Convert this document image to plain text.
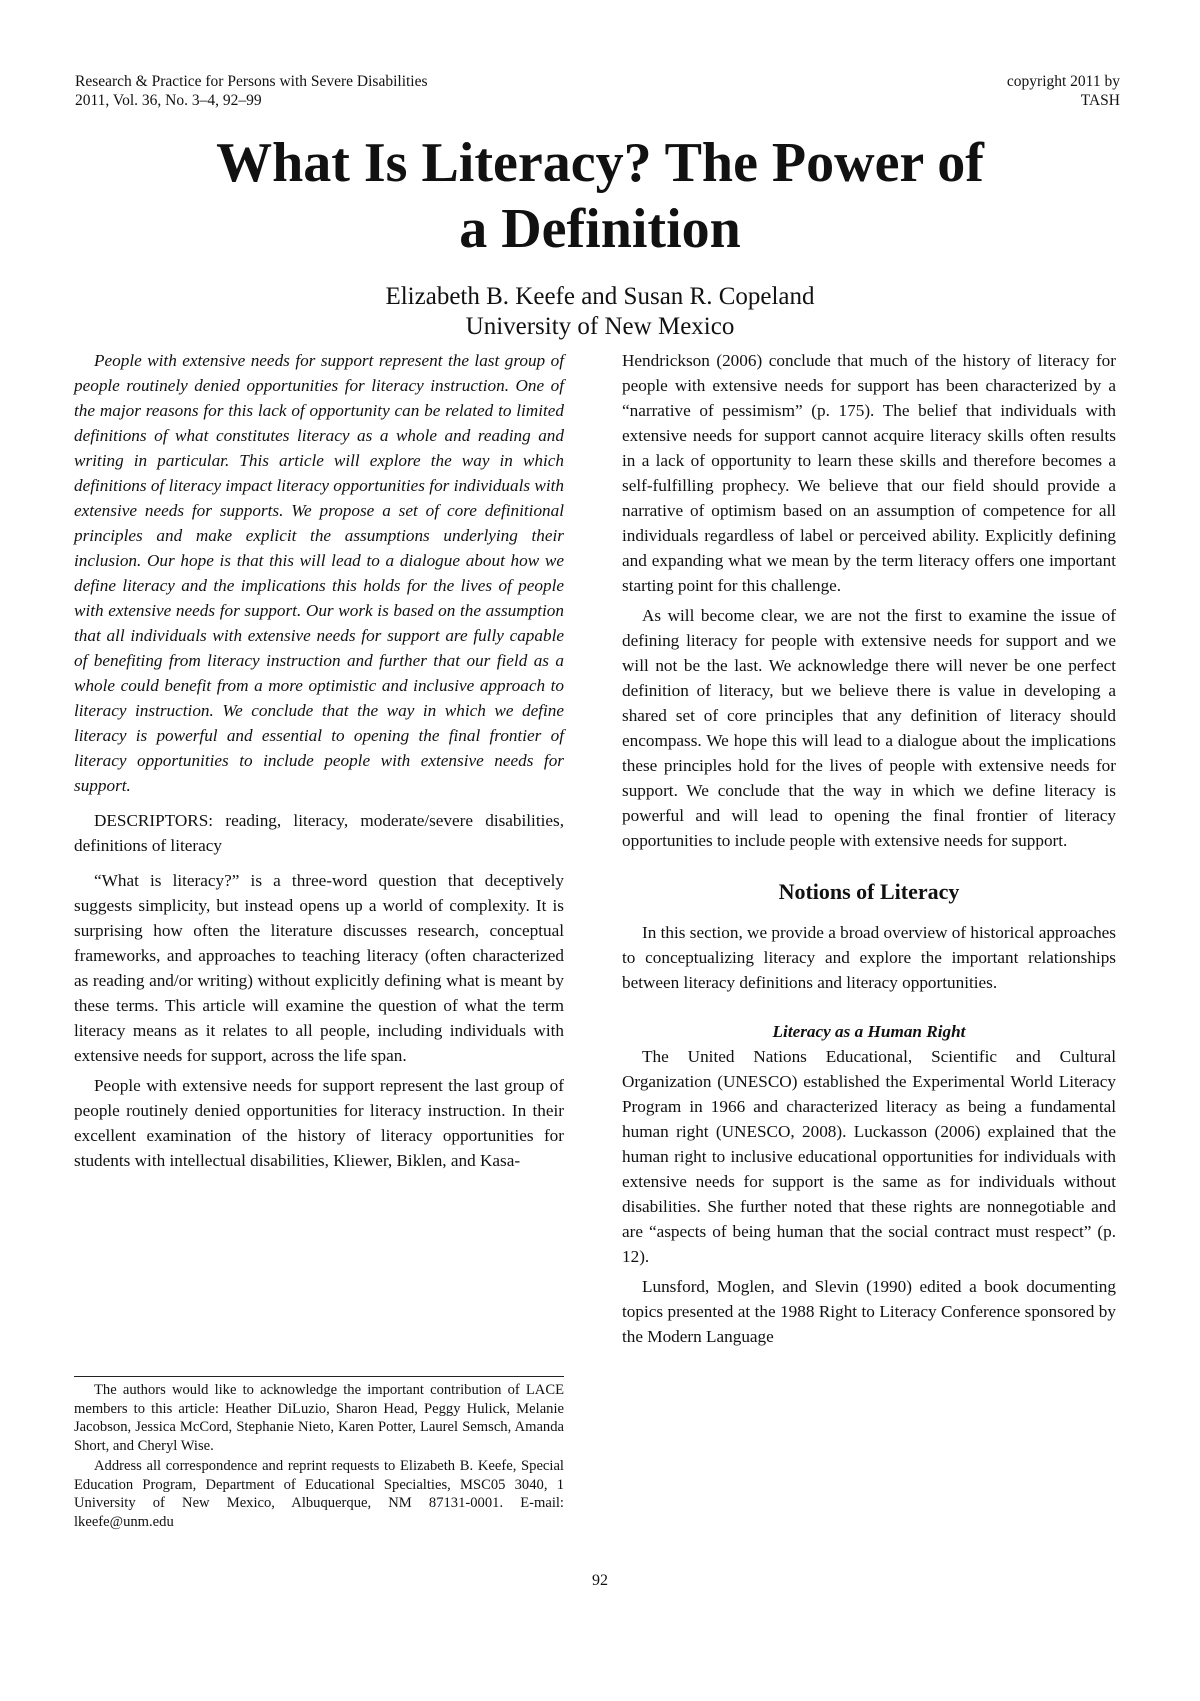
Research & Practice for Persons with Severe Disabilities
2011, Vol. 36, No. 3–4, 92–99
copyright 2011 by
TASH
What Is Literacy? The Power of
a Definition
Elizabeth B. Keefe and Susan R. Copeland
University of New Mexico

People with extensive needs for support represent the last group of people routinely denied opportunities for literacy instruction. One of the major reasons for this lack of opportunity can be related to limited definitions of what constitutes literacy as a whole and reading and writing in particular. This article will explore the way in which definitions of literacy impact literacy opportunities for individuals with extensive needs for supports. We propose a set of core definitional principles and make explicit the assumptions underlying their inclusion. Our hope is that this will lead to a dialogue about how we define literacy and the implications this holds for the lives of people with extensive needs for support. Our work is based on the assumption that all individuals with extensive needs for support are fully capable of benefiting from literacy instruction and further that our field as a whole could benefit from a more optimistic and inclusive approach to literacy instruction. We conclude that the way in which we define literacy is powerful and essential to opening the final frontier of literacy opportunities to include people with extensive needs for support.

DESCRIPTORS: reading, literacy, moderate/severe disabilities, definitions of literacy

“What is literacy?” is a three-word question that deceptively suggests simplicity, but instead opens up a world of complexity. It is surprising how often the literature discusses research, conceptual frameworks, and approaches to teaching literacy (often characterized as reading and/or writing) without explicitly defining what is meant by these terms. This article will examine the question of what the term literacy means as it relates to all people, including individuals with extensive needs for support, across the life span.

People with extensive needs for support represent the last group of people routinely denied opportunities for literacy instruction. In their excellent examination of the history of literacy opportunities for students with intellectual disabilities, Kliewer, Biklen, and Kasa-

Hendrickson (2006) conclude that much of the history of literacy for people with extensive needs for support has been characterized by a “narrative of pessimism” (p. 175). The belief that individuals with extensive needs for support cannot acquire literacy skills often results in a lack of opportunity to learn these skills and therefore becomes a self-fulfilling prophecy. We believe that our field should provide a narrative of optimism based on an assumption of competence for all individuals regardless of label or perceived ability. Explicitly defining and expanding what we mean by the term literacy offers one important starting point for this challenge.

As will become clear, we are not the first to examine the issue of defining literacy for people with extensive needs for support and we will not be the last. We acknowledge there will never be one perfect definition of literacy, but we believe there is value in developing a shared set of core principles that any definition of literacy should encompass. We hope this will lead to a dialogue about the implications these principles hold for the lives of people with extensive needs for support. We conclude that the way in which we define literacy is powerful and will lead to opening the final frontier of literacy opportunities to include people with extensive needs for support.

Notions of Literacy

In this section, we provide a broad overview of historical approaches to conceptualizing literacy and explore the important relationships between literacy definitions and literacy opportunities.

Literacy as a Human Right

The United Nations Educational, Scientific and Cultural Organization (UNESCO) established the Experimental World Literacy Program in 1966 and characterized literacy as being a fundamental human right (UNESCO, 2008). Luckasson (2006) explained that the human right to inclusive educational opportunities for individuals with extensive needs for support is the same as for individuals without disabilities. She further noted that these rights are nonnegotiable and are “aspects of being human that the social contract must respect” (p. 12).

Lunsford, Moglen, and Slevin (1990) edited a book documenting topics presented at the 1988 Right to Literacy Conference sponsored by the Modern Language

The authors would like to acknowledge the important contribution of LACE members to this article: Heather DiLuzio, Sharon Head, Peggy Hulick, Melanie Jacobson, Jessica McCord, Stephanie Nieto, Karen Potter, Laurel Semsch, Amanda Short, and Cheryl Wise.

Address all correspondence and reprint requests to Elizabeth B. Keefe, Special Education Program, Department of Educational Specialties, MSC05 3040, 1 University of New Mexico, Albuquerque, NM 87131-0001. E-mail: lkeefe@unm.edu

92
